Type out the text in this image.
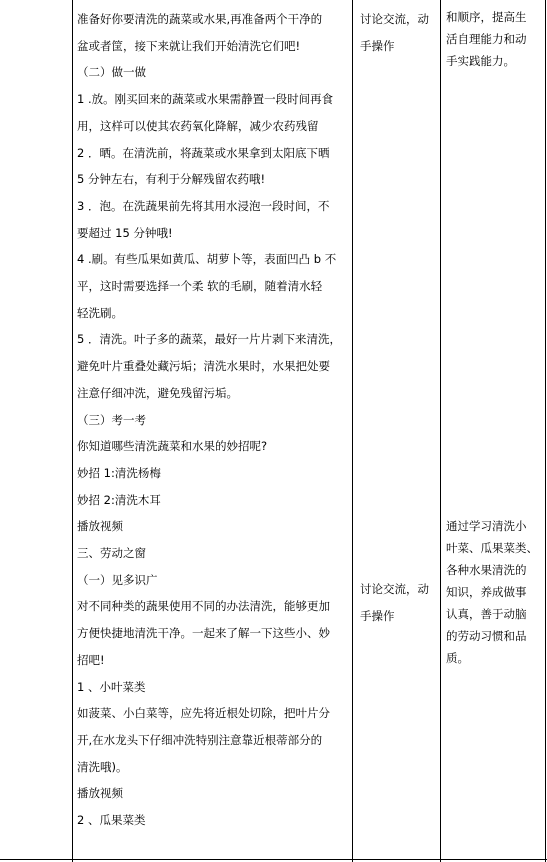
准备好你要清洗的蔬菜或水果,再准备两个干净的

盆或者筐，接下来就让我们开始清洗它们吧!

（二）做一做

1 .放。刚买回来的蔬菜或水果需静置一段时间再食

用，这样可以使其农药氧化降解，减少农药残留

2 ．晒。在清洗前，将蔬菜或水果拿到太阳底下晒

5 分钟左右，有利于分解残留农药哦!

3 ．泡。在洗蔬果前先将其用水浸泡一段时间，不

要超过 15 分钟哦!

4 .刷。有些瓜果如黄瓜、胡萝卜等，表面凹凸 b 不

平，这时需要选择一个柔 软的毛刷，随着清水轻

轻洗刷。

5 ．清洗。叶子多的蔬菜，最好一片片剥下来清洗，

避免叶片重叠处藏污垢；清洗水果时，水果把处要

注意仔细冲洗，避免残留污垢。

（三）考一考

你知道哪些清洗蔬菜和水果的妙招呢?

妙招 1:清洗杨梅

妙招 2:清洗木耳

播放视频

三、劳动之窗

（一）见多识广

对不同种类的蔬果使用不同的办法清洗，能够更加

方便快捷地清洗干净。一起来了解一下这些小、妙

招吧!

1 、小叶菜类

如菠菜、小白菜等，应先将近根处切除，把叶片分

开,在水龙头下仔细冲洗特别注意靠近根蒂部分的

清洗哦)。

播放视频

2 、瓜果菜类

讨论交流，动

手操作

讨论交流，动

手操作

和顺序，提高生

活自理能力和动

手实践能力。

通过学习清洗小

叶菜、瓜果菜类、

各种水果清洗的

知识，养成做事

认真，善于动脑

的劳动习惯和品

质。
